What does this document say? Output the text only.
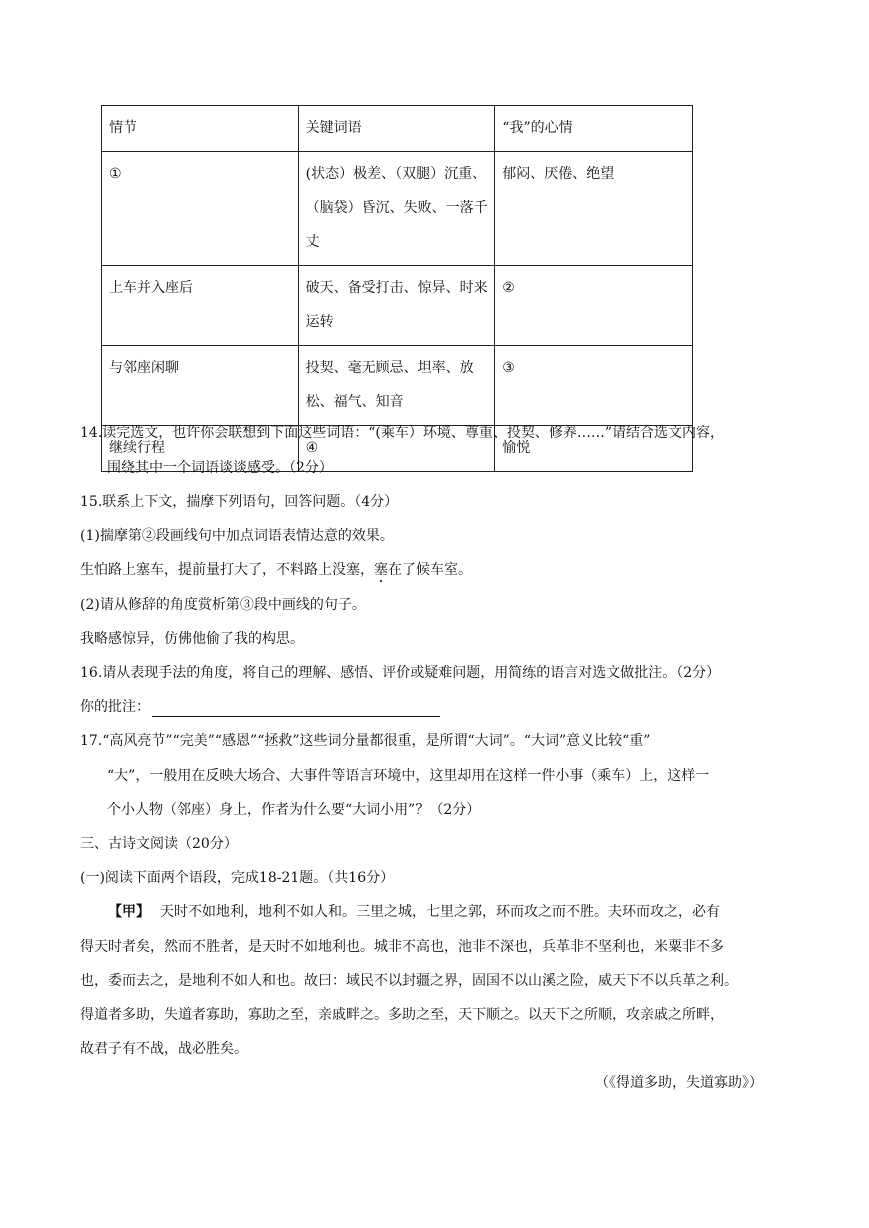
情节	关键词语	“我”的心情
①	(状态）极差、（双腿）沉重、（脑袋）昏沉、失败、一落千丈	郁闷、厌倦、绝望
上车并入座后	破天、备受打击、惊异、时来运转	②
与邻座闲聊	投契、毫无顾忌、坦率、放松、福气、知音	③
继续行程	④	愉悦
14.读完选文，也许你会联想到下面这些词语：“(乘车）环境、尊重、投契、修养……”请结合选文内容，
围绕其中一个词语谈谈感受。（2分）
15.联系上下文，揣摩下列语句，回答问题。（4分）
(1)揣摩第②段画线句中加点词语表情达意的效果。
生怕路上塞车，提前量打大了，不料路上没塞，塞在了候车室。
(2)请从修辞的角度赏析第③段中画线的句子。
我略感惊异，仿佛他偷了我的构思。
16.请从表现手法的角度，将自己的理解、感悟、评价或疑难问题，用简练的语言对选文做批注。（2分）
你的批注：
17.“高风亮节”“完美”“感恩”“拯救”这些词分量都很重，是所谓“大词”。“大词”意义比较“重”
“大”，一般用在反映大场合、大事件等语言环境中，这里却用在这样一件小事（乘车）上，这样一
个小人物（邻座）身上，作者为什么要“大词小用”？（2分）
三、古诗文阅读（20分）
(一)阅读下面两个语段，完成18-21题。（共16分）
【甲】 天时不如地利，地利不如人和。三里之城，七里之郭，环而攻之而不胜。夫环而攻之，必有
得天时者矣，然而不胜者，是天时不如地利也。城非不高也，池非不深也，兵革非不坚利也，米粟非不多
也，委而去之，是地利不如人和也。故曰：域民不以封疆之界，固国不以山溪之险，威天下不以兵革之利。
得道者多助，失道者寡助，寡助之至，亲戚畔之。多助之至，天下顺之。以天下之所顺，攻亲戚之所畔，
故君子有不战，战必胜矣。
（《得道多助，失道寡助》）
